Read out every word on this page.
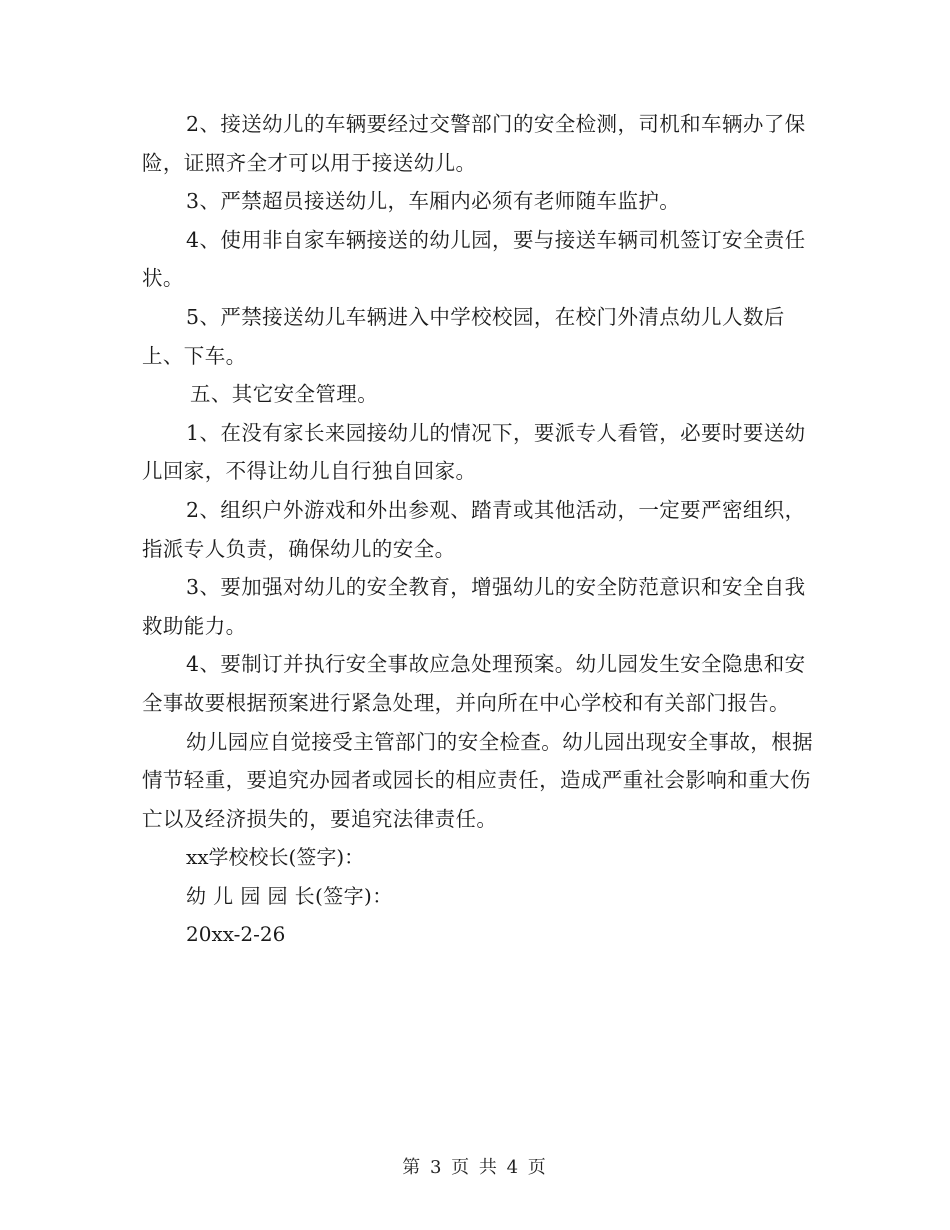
2、接送幼儿的车辆要经过交警部门的安全检测，司机和车辆办了保险，证照齐全才可以用于接送幼儿。

3、严禁超员接送幼儿，车厢内必须有老师随车监护。

4、使用非自家车辆接送的幼儿园，要与接送车辆司机签订安全责任状。

5、严禁接送幼儿车辆进入中学校校园，在校门外清点幼儿人数后上、下车。

五、其它安全管理。

1、在没有家长来园接幼儿的情况下，要派专人看管，必要时要送幼儿回家，不得让幼儿自行独自回家。

2、组织户外游戏和外出参观、踏青或其他活动，一定要严密组织，指派专人负责，确保幼儿的安全。

3、要加强对幼儿的安全教育，增强幼儿的安全防范意识和安全自我救助能力。

4、要制订并执行安全事故应急处理预案。幼儿园发生安全隐患和安全事故要根据预案进行紧急处理，并向所在中心学校和有关部门报告。

幼儿园应自觉接受主管部门的安全检查。幼儿园出现安全事故，根据情节轻重，要追究办园者或园长的相应责任，造成严重社会影响和重大伤亡以及经济损失的，要追究法律责任。

xx学校校长(签字)：

幼 儿 园 园 长(签字)：

20xx-2-26

第 3 页 共 4 页
